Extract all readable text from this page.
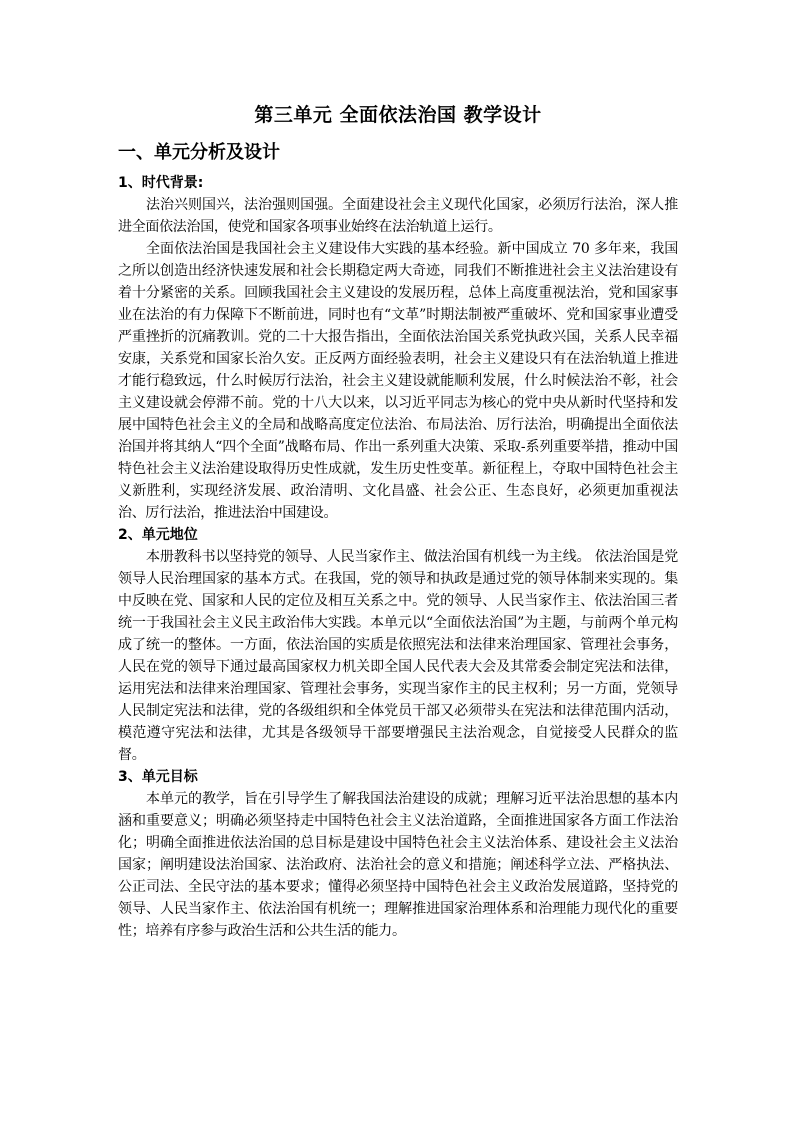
第三单元 全面依法治国 教学设计
一、单元分析及设计
1、时代背景:

法治兴则国兴，法治强则国强。全面建设社会主义现代化国家，必须厉行法治，深人推进全面依法治国，使党和国家各项事业始终在法治轨道上运行。

全面依法治国是我国社会主义建设伟大实践的基本经验。新中国成立 70 多年来，我国之所以创造出经济快速发展和社会长期稳定两大奇迹，同我们不断推进社会主义法治建设有着十分紧密的关系。回顾我国社会主义建设的发展历程，总体上高度重视法治，党和国家事业在法治的有力保障下不断前进，同时也有“文革”时期法制被严重破坏、党和国家事业遭受严重挫折的沉痛教训。党的二十大报告指出，全面依法治国关系党执政兴国，关系人民幸福安康，关系党和国家长治久安。正反两方面经验表明，社会主义建设只有在法治轨道上推进才能行稳致远，什么时候厉行法治，社会主义建设就能顺利发展，什么时候法治不彰，社会主义建设就会停滞不前。党的十八大以来，以习近平同志为核心的党中央从新时代坚持和发展中国特色社会主义的全局和战略高度定位法治、布局法治、厉行法治，明确提出全面依法治国并将其纳人“四个全面”战略布局、作出一系列重大决策、采取-系列重要举措，推动中国特色社会主义法治建设取得历史性成就，发生历史性变革。新征程上，夺取中国特色社会主义新胜利，实现经济发展、政治清明、文化昌盛、社会公正、生态良好，必须更加重视法治、厉行法治，推进法治中国建设。

2、单元地位

本册教科书以坚持党的领导、人民当家作主、做法治国有机线一为主线。 依法治国是党领导人民治理国家的基本方式。在我国，党的领导和执政是通过党的领导体制来实现的。集中反映在党、国家和人民的定位及相互关系之中。党的领导、人民当家作主、依法治国三者统一于我国社会主义民主政治伟大实践。本单元以“全面依法治国”为主题，与前两个单元构成了统一的整体。一方面，依法治国的实质是依照宪法和法律来治理国家、管理社会事务，人民在党的领导下通过最高国家权力机关即全国人民代表大会及其常委会制定宪法和法律，运用宪法和法律来治理国家、管理社会事务，实现当家作主的民主权利；另一方面，党领导人民制定宪法和法律，党的各级组织和全体党员干部又必须带头在宪法和法律范围内活动，模范遵守宪法和法律，尤其是各级领导干部要增强民主法治观念，自觉接受人民群众的监督。

3、单元目标

本单元的教学，旨在引导学生了解我国法治建设的成就；理解习近平法治思想的基本内涵和重要意义；明确必须坚持走中国特色社会主义法治道路，全面推进国家各方面工作法治化；明确全面推进依法治国的总目标是建设中国特色社会主义法治体系、建设社会主义法治国家；阐明建设法治国家、法治政府、法治社会的意义和措施；阐述科学立法、严格执法、公正司法、全民守法的基本要求；懂得必须坚持中国特色社会主义政治发展道路，坚持党的领导、人民当家作主、依法治国有机统一；理解推进国家治理体系和治理能力现代化的重要性；培养有序参与政治生活和公共生活的能力。
